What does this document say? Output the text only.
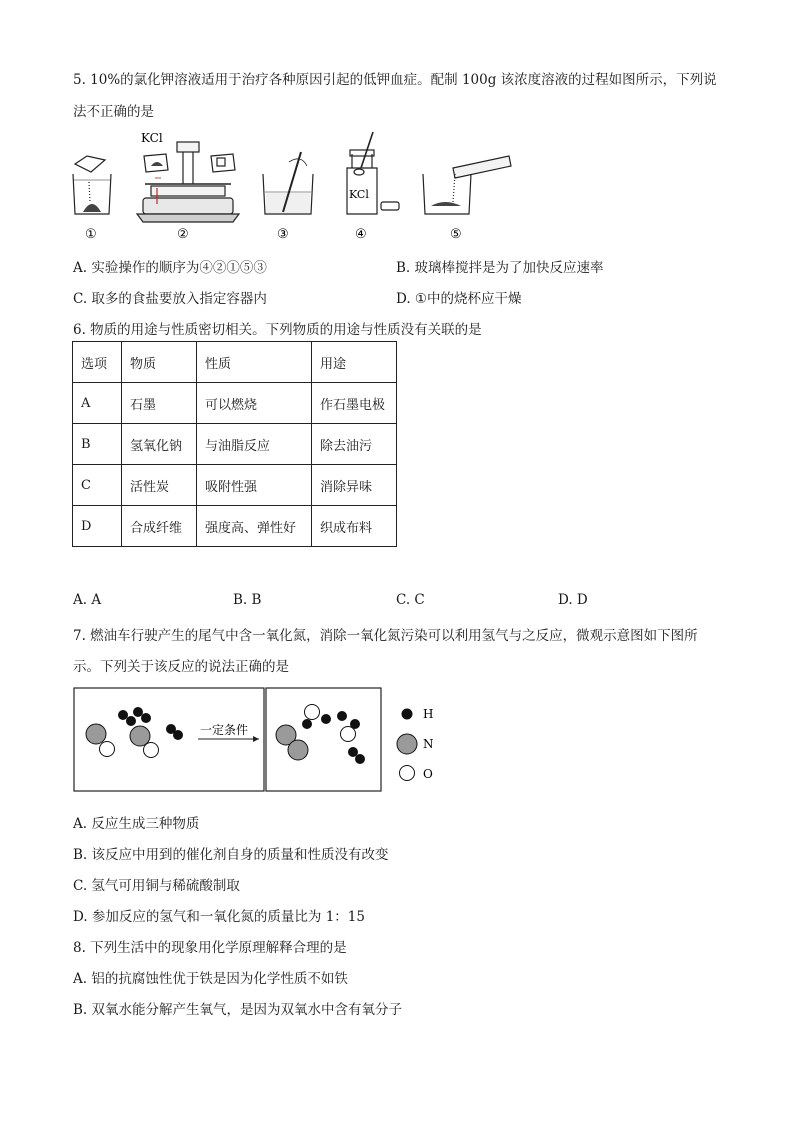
5. 10%的氯化钾溶液适用于治疗各种原因引起的低钾血症。配制 100g 该浓度溶液的过程如图所示，下列说
法不正确的是
KCl
KCl
①	②	③	④	⑤
A. 实验操作的顺序为④②①⑤③	B. 玻璃棒搅拌是为了加快反应速率
C. 取多的食盐要放入指定容器内	D. ①中的烧杯应干燥
6. 物质的用途与性质密切相关。下列物质的用途与性质没有关联的是
选项	物质	性质	用途
A	石墨	可以燃烧	作石墨电极
B	氢氧化钠	与油脂反应	除去油污
C	活性炭	吸附性强	消除异味
D	合成纤维	强度高、弹性好	织成布料
A. A	B. B	C. C	D. D
7. 燃油车行驶产生的尾气中含一氧化氮，消除一氧化氮污染可以利用氢气与之反应，微观示意图如下图所
示。下列关于该反应的说法正确的是
一定条件
H
N
O
A. 反应生成三种物质
B. 该反应中用到的催化剂自身的质量和性质没有改变
C. 氢气可用铜与稀硫酸制取
D. 参加反应的氢气和一氧化氮的质量比为 1：15
8. 下列生活中的现象用化学原理解释合理的是
A. 铝的抗腐蚀性优于铁是因为化学性质不如铁
B. 双氧水能分解产生氧气，是因为双氧水中含有氧分子
